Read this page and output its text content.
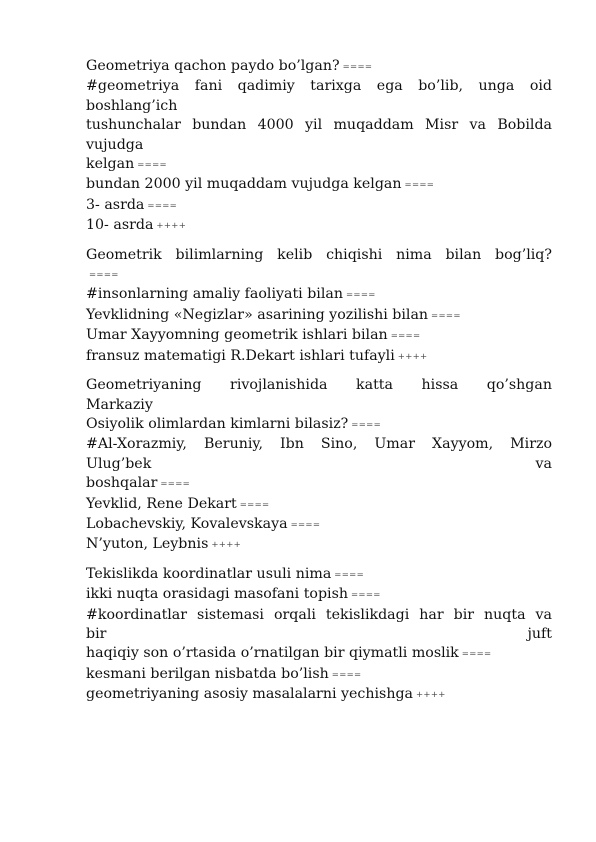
Geometriya qachon paydo bo’lgan? ====
#geometriya fani qadimiy tarixga ega bo’lib, unga oid
boshlang’ich
tushunchalar bundan 4000 yil muqaddam Misr va Bobilda
vujudga
kelgan ====
bundan 2000 yil muqaddam vujudga kelgan ====
3- asrda ====
10- asrda ++++
Geometrik bilimlarning kelib chiqishi nima bilan bog’liq?
====
#insonlarning amaliy faoliyati bilan ====
Yevklidning «Negizlar» asarining yozilishi bilan ====
Umar Xayyomning geometrik ishlari bilan ====
fransuz matematigi R.Dekart ishlari tufayli ++++
Geometriyaning rivojlanishida katta hissa qo’shgan
Markaziy
Osiyolik olimlardan kimlarni bilasiz? ====
#Al-Xorazmiy, Beruniy, Ibn Sino, Umar Xayyom, Mirzo
Ulug’bek va
boshqalar ====
Yevklid, Rene Dekart ====
Lobachevskiy, Kovalevskaya ====
N’yuton, Leybnis ++++
Tekislikda koordinatlar usuli nima ====
ikki nuqta orasidagi masofani topish ====
#koordinatlar sistemasi orqali tekislikdagi har bir nuqta va
bir juft
haqiqiy son o’rtasida o’rnatilgan bir qiymatli moslik ====
kesmani berilgan nisbatda bo’lish ====
geometriyaning asosiy masalalarni yechishga ++++
